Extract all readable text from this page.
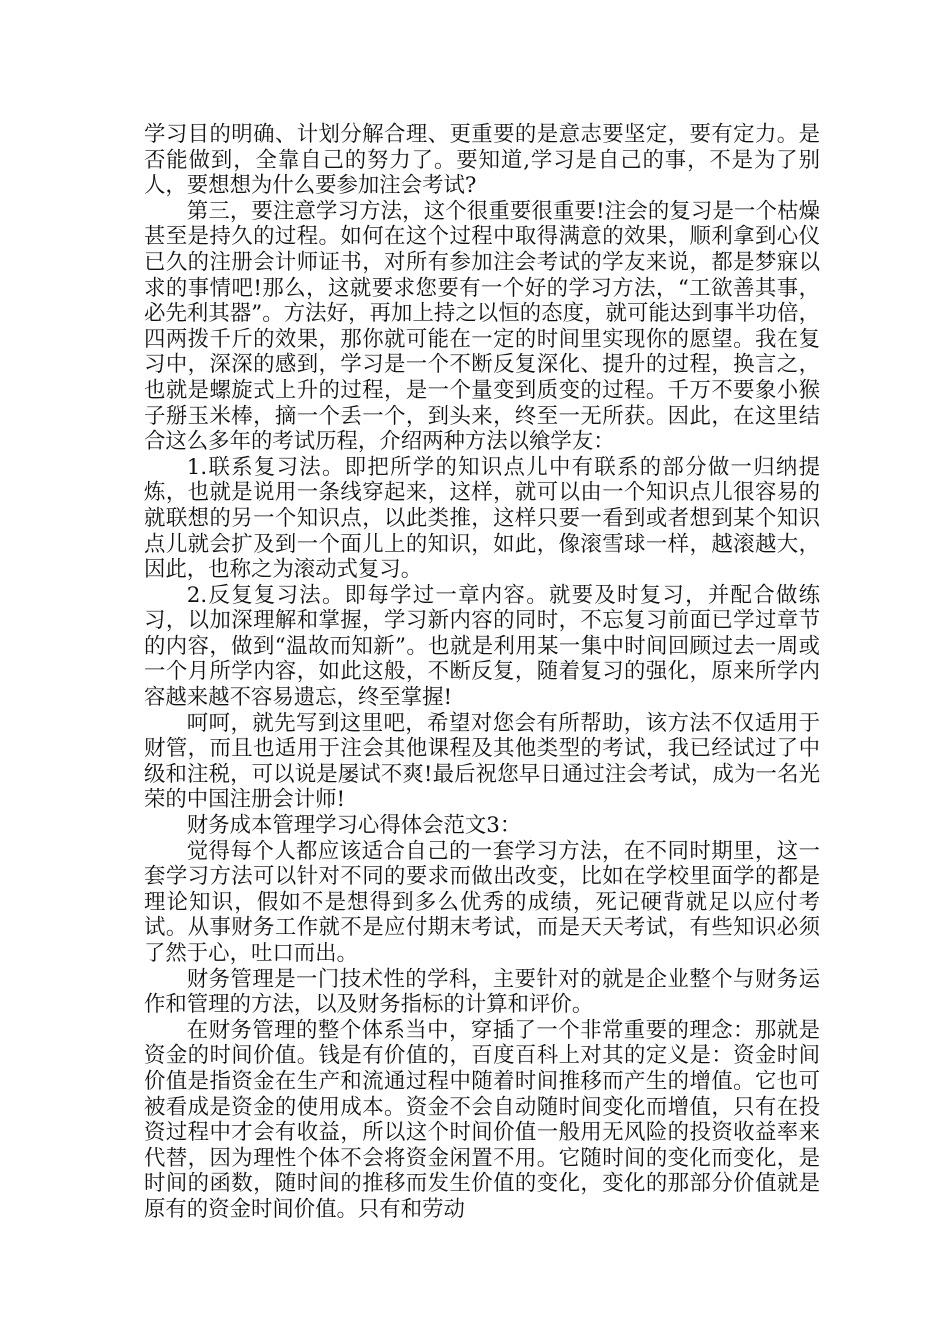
学习目的明确、计划分解合理、更重要的是意志要坚定，要有定力。是否能做到，全靠自己的努力了。要知道,学习是自己的事，不是为了别人，要想想为什么要参加注会考试?

第三，要注意学习方法，这个很重要很重要!注会的复习是一个枯燥甚至是持久的过程。如何在这个过程中取得满意的效果，顺利拿到心仪已久的注册会计师证书，对所有参加注会考试的学友来说，都是梦寐以求的事情吧!那么，这就要求您要有一个好的学习方法，“工欲善其事，必先利其器”。方法好，再加上持之以恒的态度，就可能达到事半功倍，四两拨千斤的效果，那你就可能在一定的时间里实现你的愿望。我在复习中，深深的感到，学习是一个不断反复深化、提升的过程，换言之，也就是螺旋式上升的过程，是一个量变到质变的过程。千万不要象小猴子掰玉米棒，摘一个丢一个，到头来，终至一无所获。因此，在这里结合这么多年的考试历程，介绍两种方法以飨学友：

1.联系复习法。即把所学的知识点儿中有联系的部分做一归纳提炼，也就是说用一条线穿起来，这样，就可以由一个知识点儿很容易的就联想的另一个知识点，以此类推，这样只要一看到或者想到某个知识点儿就会扩及到一个面儿上的知识，如此，像滚雪球一样，越滚越大，因此，也称之为滚动式复习。

2.反复复习法。即每学过一章内容。就要及时复习，并配合做练习，以加深理解和掌握，学习新内容的同时，不忘复习前面已学过章节的内容，做到“温故而知新”。也就是利用某一集中时间回顾过去一周或一个月所学内容，如此这般，不断反复，随着复习的强化，原来所学内容越来越不容易遗忘，终至掌握!

呵呵，就先写到这里吧，希望对您会有所帮助，该方法不仅适用于财管，而且也适用于注会其他课程及其他类型的考试，我已经试过了中级和注税，可以说是屡试不爽!最后祝您早日通过注会考试，成为一名光荣的中国注册会计师!

财务成本管理学习心得体会范文3：

觉得每个人都应该适合自己的一套学习方法，在不同时期里，这一套学习方法可以针对不同的要求而做出改变，比如在学校里面学的都是理论知识，假如不是想得到多么优秀的成绩，死记硬背就足以应付考试。从事财务工作就不是应付期末考试，而是天天考试，有些知识必须了然于心，吐口而出。

财务管理是一门技术性的学科，主要针对的就是企业整个与财务运作和管理的方法，以及财务指标的计算和评价。

在财务管理的整个体系当中，穿插了一个非常重要的理念：那就是资金的时间价值。钱是有价值的，百度百科上对其的定义是：资金时间价值是指资金在生产和流通过程中随着时间推移而产生的增值。它也可被看成是资金的使用成本。资金不会自动随时间变化而增值，只有在投资过程中才会有收益，所以这个时间价值一般用无风险的投资收益率来代替，因为理性个体不会将资金闲置不用。它随时间的变化而变化，是时间的函数，随时间的推移而发生价值的变化，变化的那部分价值就是原有的资金时间价值。只有和劳动
